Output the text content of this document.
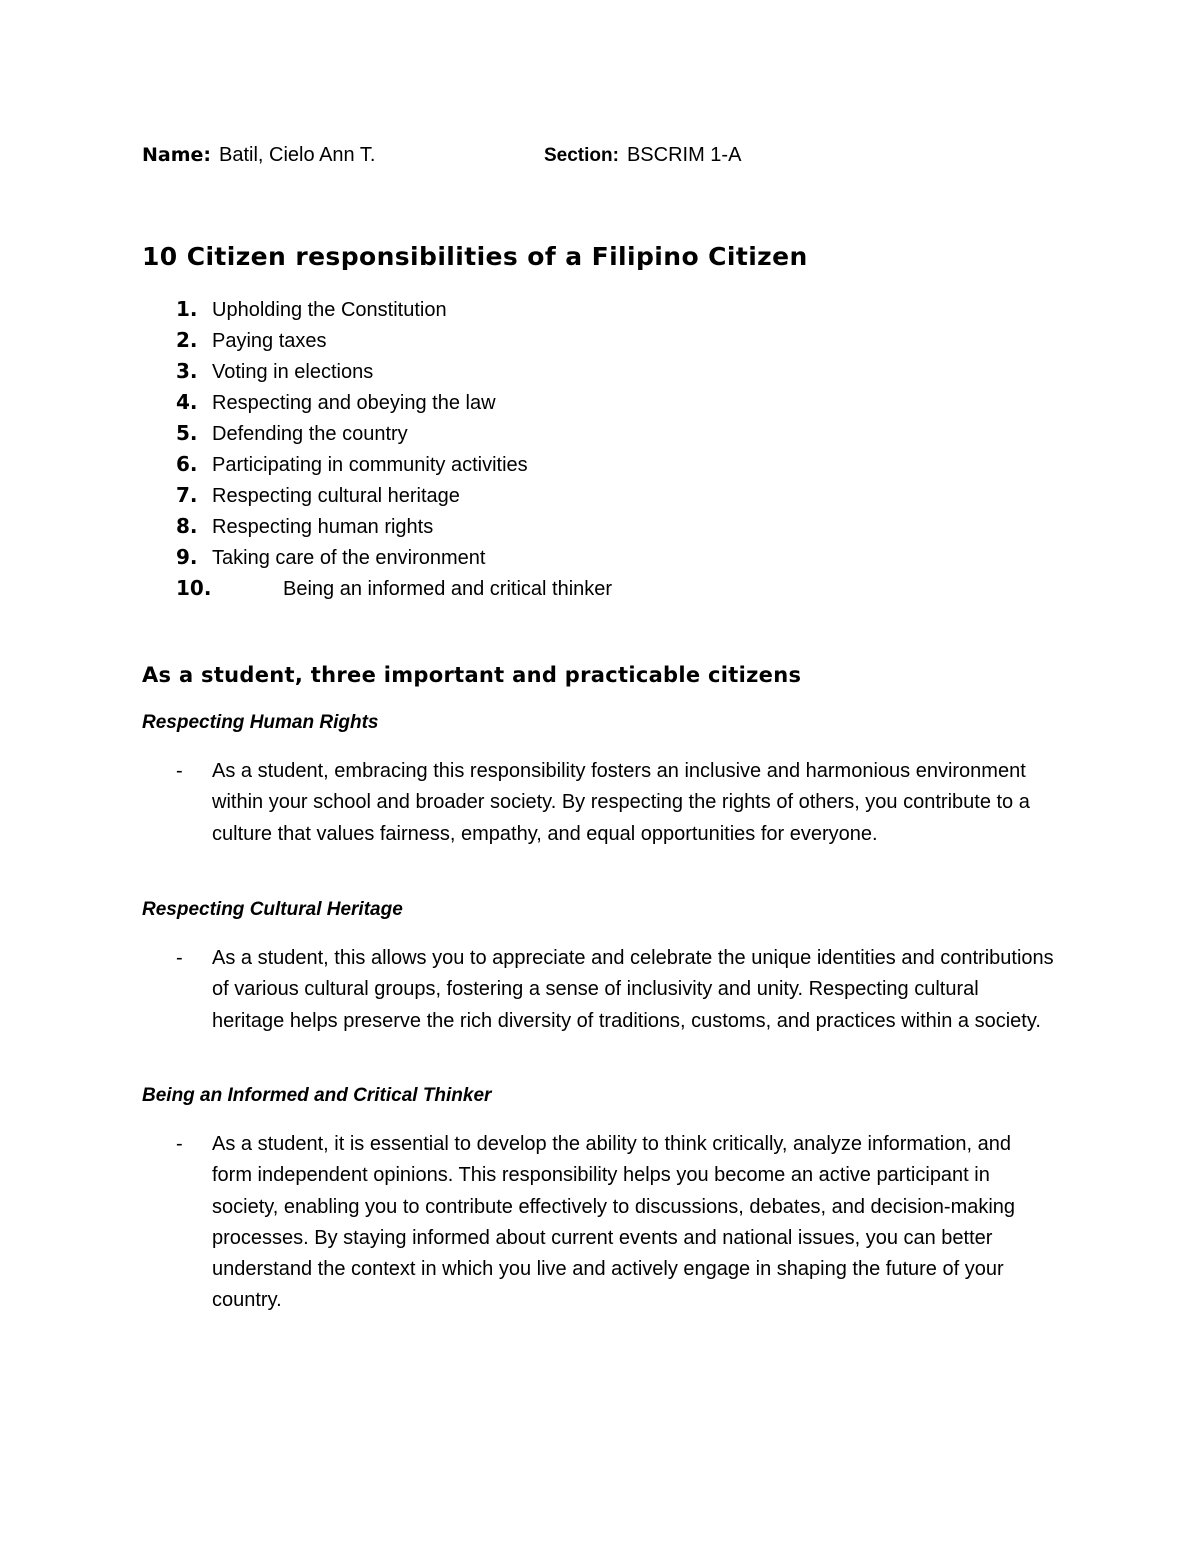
Name: Batil, Cielo Ann T.	Section: BSCRIM 1-A
10 Citizen responsibilities of a Filipino Citizen
1. Upholding the Constitution
2. Paying taxes
3. Voting in elections
4. Respecting and obeying the law
5. Defending the country
6. Participating in community activities
7. Respecting cultural heritage
8. Respecting human rights
9. Taking care of the environment
10.	Being an informed and critical thinker
As a student, three important and practicable citizens
Respecting Human Rights
- As a student, embracing this responsibility fosters an inclusive and harmonious environment within your school and broader society. By respecting the rights of others, you contribute to a culture that values fairness, empathy, and equal opportunities for everyone.

Respecting Cultural Heritage
- As a student, this allows you to appreciate and celebrate the unique identities and contributions of various cultural groups, fostering a sense of inclusivity and unity. Respecting cultural heritage helps preserve the rich diversity of traditions, customs, and practices within a society.

Being an Informed and Critical Thinker
- As a student, it is essential to develop the ability to think critically, analyze information, and form independent opinions. This responsibility helps you become an active participant in society, enabling you to contribute effectively to discussions, debates, and decision-making processes. By staying informed about current events and national issues, you can better understand the context in which you live and actively engage in shaping the future of your country.
